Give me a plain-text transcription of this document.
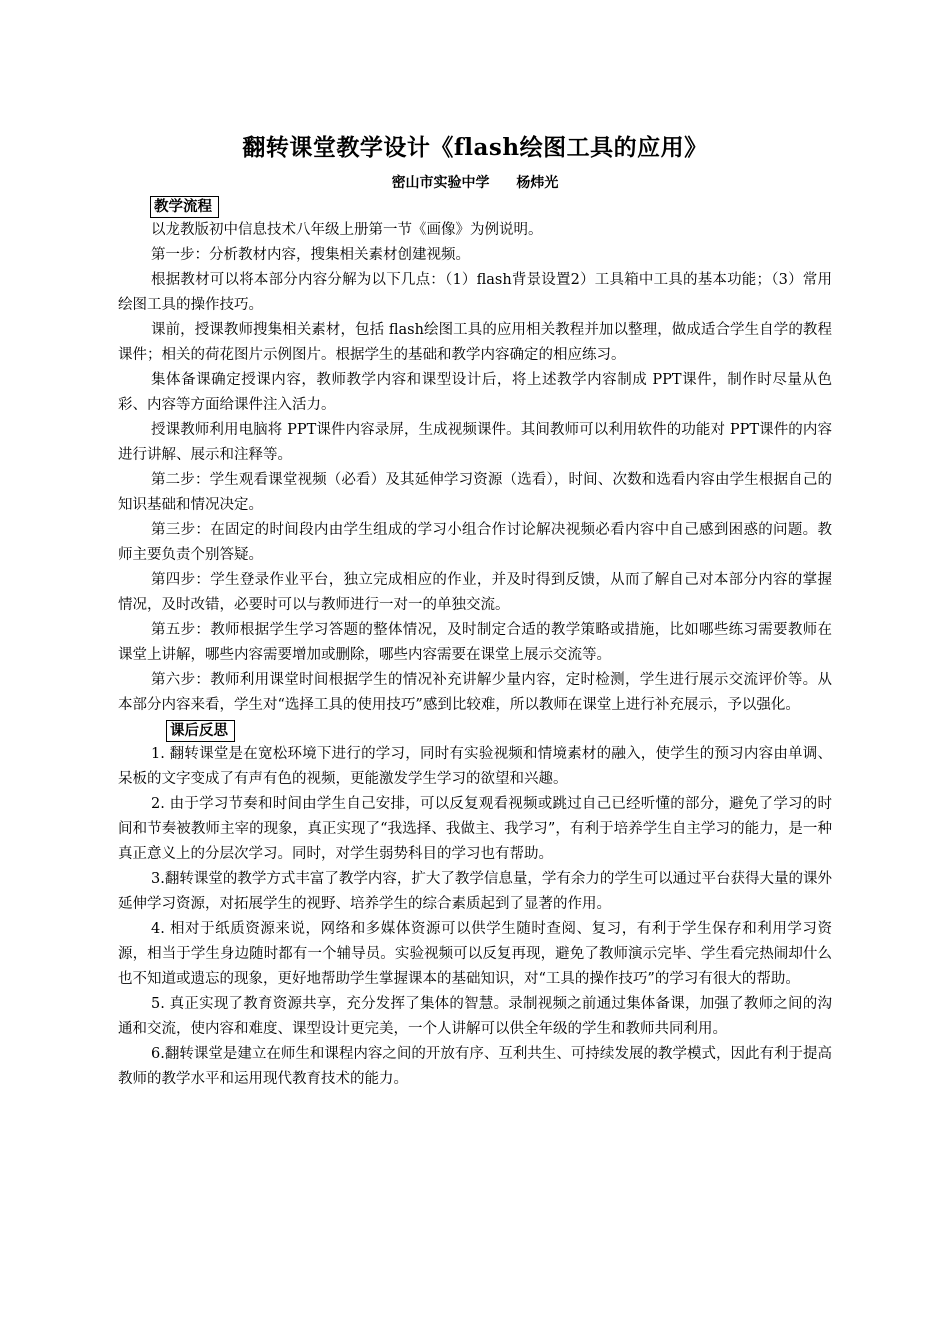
翻转课堂教学设计《flash绘图工具的应用》
密山市实验中学 杨炜光
教学流程

以龙教版初中信息技术八年级上册第一节《画像》为例说明。

第一步：分析教材内容，搜集相关素材创建视频。

根据教材可以将本部分内容分解为以下几点：（1）flash背景设置2）工具箱中工具的基本功能；（3）常用绘图工具的操作技巧。

课前，授课教师搜集相关素材，包括 flash绘图工具的应用相关教程并加以整理，做成适合学生自学的教程课件；相关的荷花图片示例图片。根据学生的基础和教学内容确定的相应练习。

集体备课确定授课内容，教师教学内容和课型设计后，将上述教学内容制成 PPT课件，制作时尽量从色彩、内容等方面给课件注入活力。

授课教师利用电脑将 PPT课件内容录屏，生成视频课件。其间教师可以利用软件的功能对 PPT课件的内容进行讲解、展示和注释等。

第二步：学生观看课堂视频（必看）及其延伸学习资源（选看），时间、次数和选看内容由学生根据自己的知识基础和情况决定。

第三步：在固定的时间段内由学生组成的学习小组合作讨论解决视频必看内容中自己感到困惑的问题。教师主要负责个别答疑。

第四步：学生登录作业平台，独立完成相应的作业，并及时得到反馈，从而了解自己对本部分内容的掌握情况，及时改错，必要时可以与教师进行一对一的单独交流。

第五步：教师根据学生学习答题的整体情况，及时制定合适的教学策略或措施，比如哪些练习需要教师在课堂上讲解，哪些内容需要增加或删除，哪些内容需要在课堂上展示交流等。

第六步：教师利用课堂时间根据学生的情况补充讲解少量内容，定时检测，学生进行展示交流评价等。从本部分内容来看，学生对“选择工具的使用技巧”感到比较难，所以教师在课堂上进行补充展示，予以强化。

课后反思

1. 翻转课堂是在宽松环境下进行的学习，同时有实验视频和情境素材的融入，使学生的预习内容由单调、呆板的文字变成了有声有色的视频，更能激发学生学习的欲望和兴趣。

2. 由于学习节奏和时间由学生自己安排，可以反复观看视频或跳过自己已经听懂的部分，避免了学习的时间和节奏被教师主宰的现象，真正实现了“我选择、我做主、我学习”，有利于培养学生自主学习的能力，是一种真正意义上的分层次学习。同时，对学生弱势科目的学习也有帮助。

3.翻转课堂的教学方式丰富了教学内容，扩大了教学信息量，学有余力的学生可以通过平台获得大量的课外延伸学习资源，对拓展学生的视野、培养学生的综合素质起到了显著的作用。

4. 相对于纸质资源来说，网络和多媒体资源可以供学生随时查阅、复习，有利于学生保存和利用学习资源，相当于学生身边随时都有一个辅导员。实验视频可以反复再现，避免了教师演示完毕、学生看完热闹却什么也不知道或遗忘的现象，更好地帮助学生掌握课本的基础知识，对“工具的操作技巧”的学习有很大的帮助。

5. 真正实现了教育资源共享，充分发挥了集体的智慧。录制视频之前通过集体备课，加强了教师之间的沟通和交流，使内容和难度、课型设计更完美，一个人讲解可以供全年级的学生和教师共同利用。

6.翻转课堂是建立在师生和课程内容之间的开放有序、互利共生、可持续发展的教学模式，因此有利于提高教师的教学水平和运用现代教育技术的能力。
